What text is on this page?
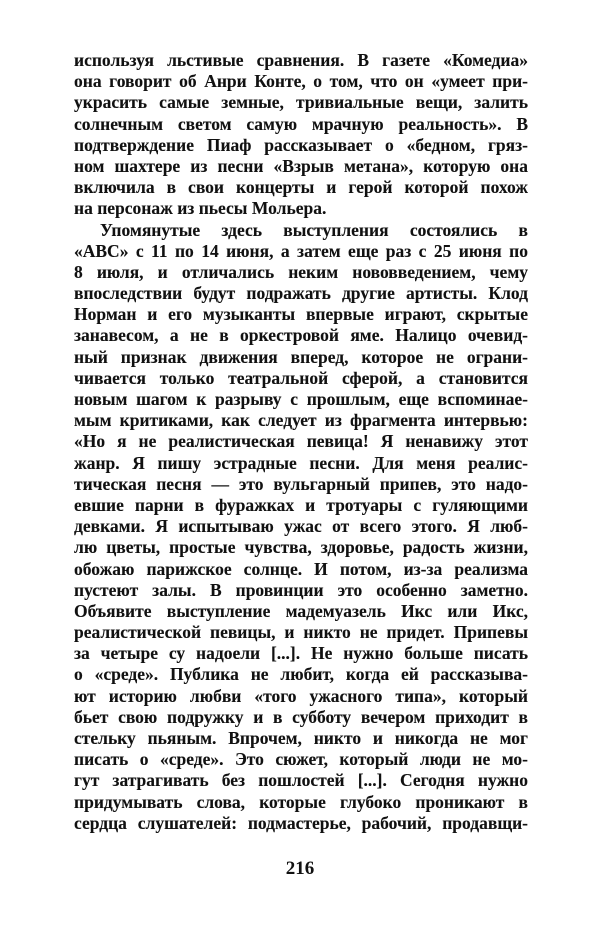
используя льстивые сравнения. В газете «Комедиа»
она говорит об Анри Конте, о том, что он «умеет при-
украсить самые земные, тривиальные вещи, залить
солнечным светом самую мрачную реальность». В
подтверждение Пиаф рассказывает о «бедном, гряз-
ном шахтере из песни «Взрыв метана», которую она
включила в свои концерты и герой которой похож
на персонаж из пьесы Мольера.
Упомянутые здесь выступления состоялись в
«АВС» с 11 по 14 июня, а затем еще раз с 25 июня по
8 июля, и отличались неким нововведением, чему
впоследствии будут подражать другие артисты. Клод
Норман и его музыканты впервые играют, скрытые
занавесом, а не в оркестровой яме. Налицо очевид-
ный признак движения вперед, которое не ограни-
чивается только театральной сферой, а становится
новым шагом к разрыву с прошлым, еще вспоминае-
мым критиками, как следует из фрагмента интервью:
«Но я не реалистическая певица! Я ненавижу этот
жанр. Я пишу эстрадные песни. Для меня реалис-
тическая песня — это вульгарный припев, это надо-
евшие парни в фуражках и тротуары с гуляющими
девками. Я испытываю ужас от всего этого. Я люб-
лю цветы, простые чувства, здоровье, радость жизни,
обожаю парижское солнце. И потом, из-за реализма
пустеют залы. В провинции это особенно заметно.
Объявите выступление мадемуазель Икс или Икс,
реалистической певицы, и никто не придет. Припевы
за четыре су надоели [...]. Не нужно больше писать
о «среде». Публика не любит, когда ей рассказыва-
ют историю любви «того ужасного типа», который
бьет свою подружку и в субботу вечером приходит в
стельку пьяным. Впрочем, никто и никогда не мог
писать о «среде». Это сюжет, который люди не мо-
гут затрагивать без пошлостей [...]. Сегодня нужно
придумывать слова, которые глубоко проникают в
сердца слушателей: подмастерье, рабочий, продавщи-
216
